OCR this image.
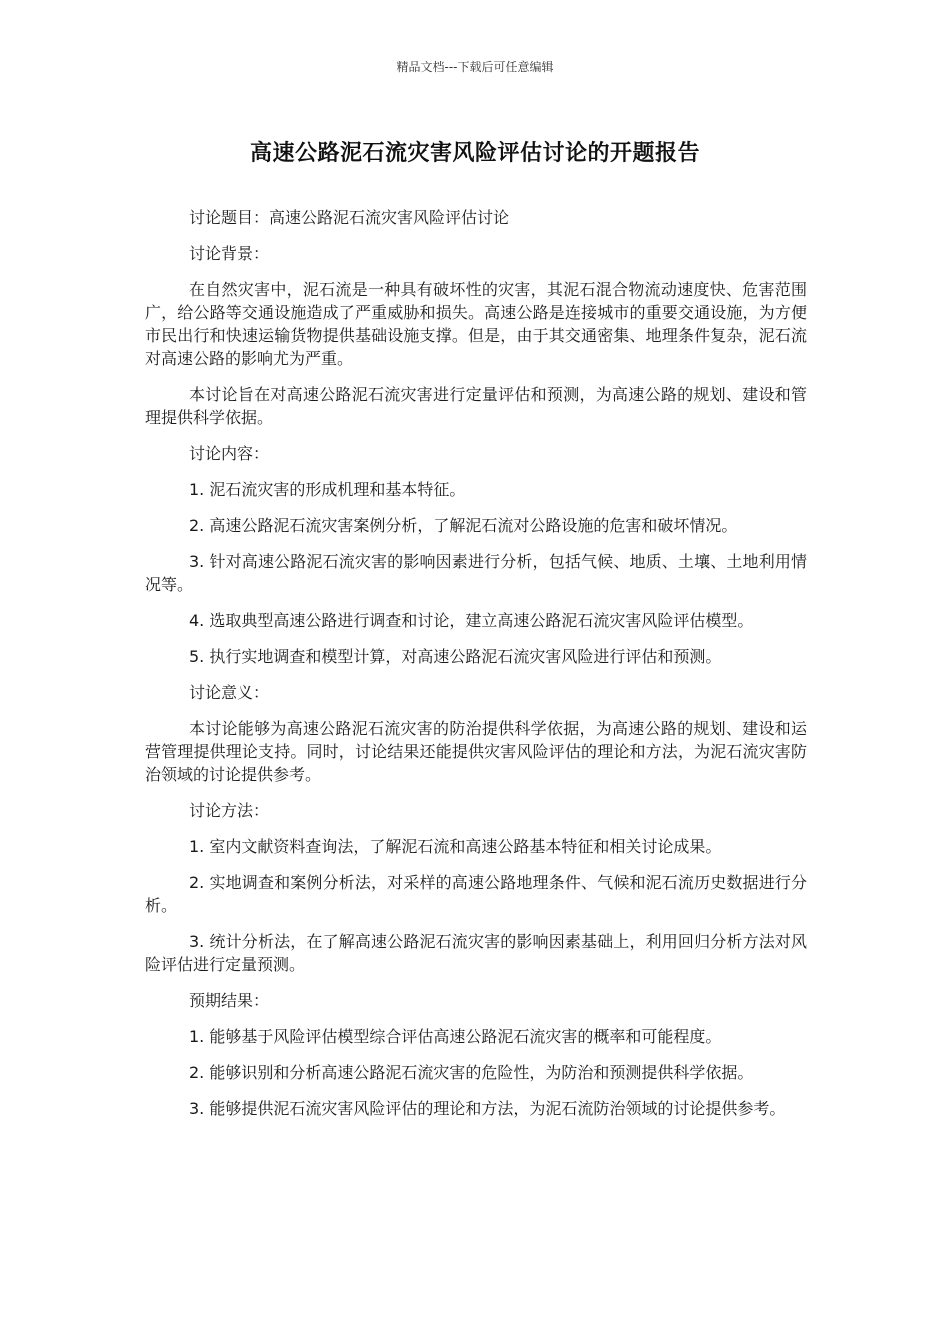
精品文档---下载后可任意编辑
高速公路泥石流灾害风险评估讨论的开题报告

讨论题目：高速公路泥石流灾害风险评估讨论

讨论背景：

在自然灾害中，泥石流是一种具有破坏性的灾害，其泥石混合物流动速度快、危害范围广，给公路等交通设施造成了严重威胁和损失。高速公路是连接城市的重要交通设施，为方便市民出行和快速运输货物提供基础设施支撑。但是，由于其交通密集、地理条件复杂，泥石流对高速公路的影响尤为严重。

本讨论旨在对高速公路泥石流灾害进行定量评估和预测，为高速公路的规划、建设和管理提供科学依据。

讨论内容：

1. 泥石流灾害的形成机理和基本特征。

2. 高速公路泥石流灾害案例分析，了解泥石流对公路设施的危害和破坏情况。

3. 针对高速公路泥石流灾害的影响因素进行分析，包括气候、地质、土壤、土地利用情况等。

4. 选取典型高速公路进行调查和讨论，建立高速公路泥石流灾害风险评估模型。

5. 执行实地调查和模型计算，对高速公路泥石流灾害风险进行评估和预测。

讨论意义：

本讨论能够为高速公路泥石流灾害的防治提供科学依据，为高速公路的规划、建设和运营管理提供理论支持。同时，讨论结果还能提供灾害风险评估的理论和方法，为泥石流灾害防治领域的讨论提供参考。

讨论方法：

1. 室内文献资料查询法，了解泥石流和高速公路基本特征和相关讨论成果。

2. 实地调查和案例分析法，对采样的高速公路地理条件、气候和泥石流历史数据进行分析。

3. 统计分析法，在了解高速公路泥石流灾害的影响因素基础上，利用回归分析方法对风险评估进行定量预测。

预期结果：

1. 能够基于风险评估模型综合评估高速公路泥石流灾害的概率和可能程度。

2. 能够识别和分析高速公路泥石流灾害的危险性，为防治和预测提供科学依据。

3. 能够提供泥石流灾害风险评估的理论和方法，为泥石流防治领域的讨论提供参考。
